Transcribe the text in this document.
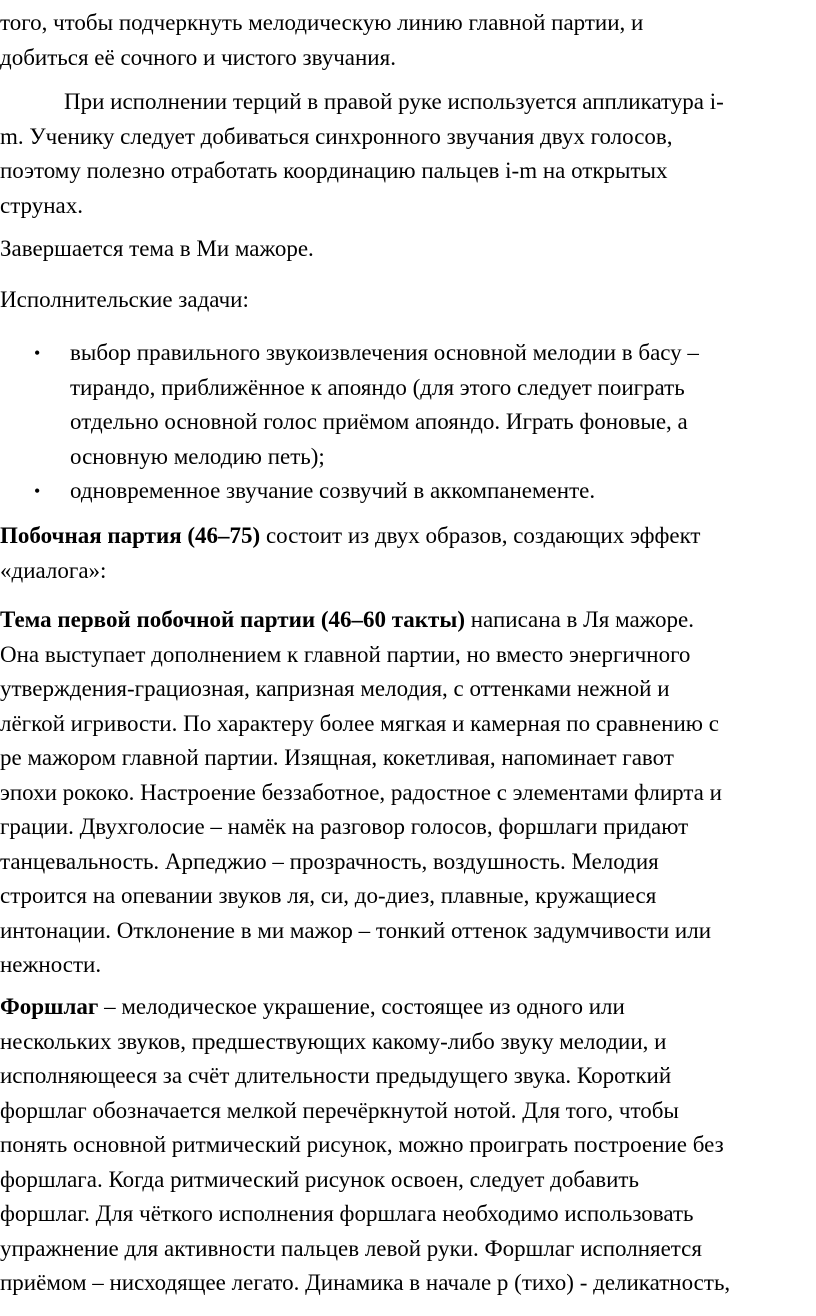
того, чтобы подчеркнуть мелодическую линию главной партии, и
добиться её сочного и чистого звучания.

При исполнении терций в правой руке используется аппликатура i-
m. Ученику следует добиваться синхронного звучания двух голосов,
поэтому полезно отработать координацию пальцев i-m на открытых
струнах.

Завершается тема в Ми мажоре.

Исполнительские задачи:

• выбор правильного звукоизвлечения основной мелодии в басу –
тирандо, приближённое к апояндо (для этого следует поиграть
отдельно основной голос приёмом апояндо. Играть фоновые, а
основную мелодию петь);
• одновременное звучание созвучий в аккомпанементе.

Побочная партия (46–75) состоит из двух образов, создающих эффект
«диалога»:

Тема первой побочной партии (46–60 такты) написана в Ля мажоре.
Она выступает дополнением к главной партии, но вместо энергичного
утверждения-грациозная, капризная мелодия, с оттенками нежной и
лёгкой игривости. По характеру более мягкая и камерная по сравнению с
ре мажором главной партии. Изящная, кокетливая, напоминает гавот
эпохи рококо. Настроение беззаботное, радостное с элементами флирта и
грации. Двухголосие – намёк на разговор голосов, форшлаги придают
танцевальность. Арпеджио – прозрачность, воздушность. Мелодия
строится на опевании звуков ля, си, до-диез, плавные, кружащиеся
интонации. Отклонение в ми мажор – тонкий оттенок задумчивости или
нежности.

Форшлаг – мелодическое украшение, состоящее из одного или
нескольких звуков, предшествующих какому-либо звуку мелодии, и
исполняющееся за счёт длительности предыдущего звука. Короткий
форшлаг обозначается мелкой перечёркнутой нотой. Для того, чтобы
понять основной ритмический рисунок, можно проиграть построение без
форшлага. Когда ритмический рисунок освоен, следует добавить
форшлаг. Для чёткого исполнения форшлага необходимо использовать
упражнение для активности пальцев левой руки. Форшлаг исполняется
приёмом – нисходящее легато. Динамика в начале p (тихо) - деликатность,
